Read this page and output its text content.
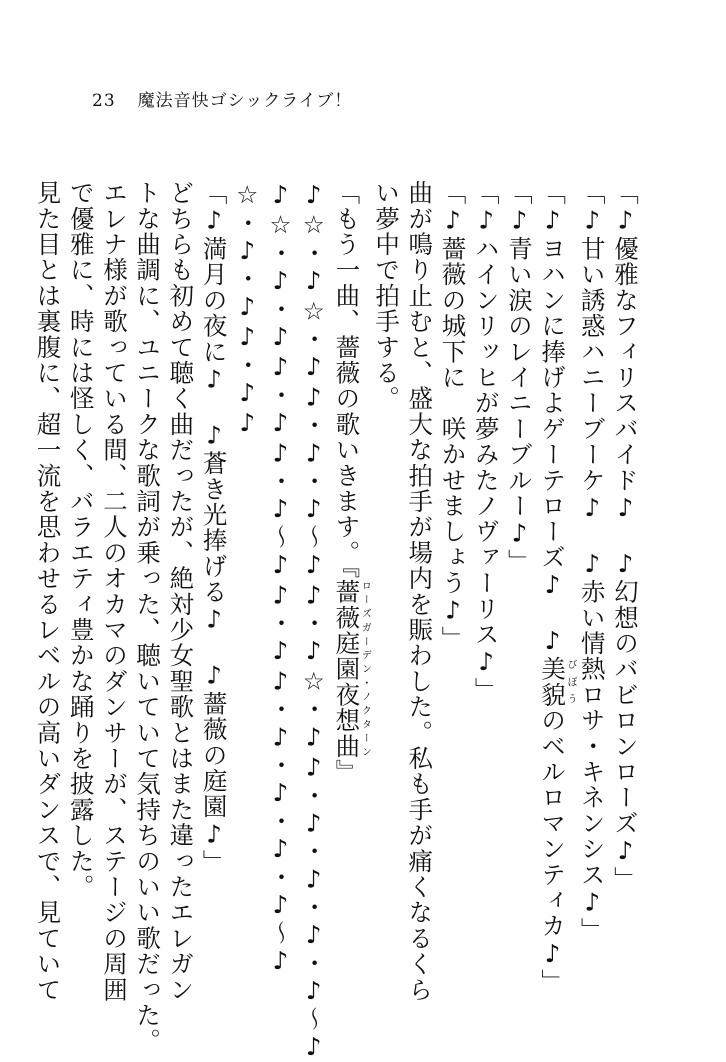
23 魔法音快ゴシックライブ！
「♪優雅なフィリスバイド♪　♪幻想のバビロンローズ♪」
「♪甘い誘惑ハニーブーケ♪　♪赤い情熱ロサ・キネンシス♪」
「♪ヨハンに捧げよゲーテローズ♪　♪美貌びぼうのベルロマンティカ♪」
「♪青い涙のレイニーブルー♪」
「♪ハインリッヒが夢みたノヴァーリス♪」
「♪薔薇の城下に　咲かせましょう♪」
曲が鳴り止むと、盛大な拍手が場内を賑わした。私も手が痛くなるくら
い夢中で拍手する。
「もう一曲、薔薇の歌いきます。『薔薇庭園夜想曲ローズガーデン・ノクターン』
♪☆・♪☆・♪♪・♪・♪〜♪♪・♪☆・♪♪・♪・♪・♪・♪〜♪
♪☆・♪・♪♪・♪♪・♪〜♪♪・♪♪・♪・♪・♪・♪〜♪
☆・♪・♪♪・♪♪
「♪満月の夜に♪　♪蒼き光捧げる♪　♪薔薇の庭園♪」
どちらも初めて聴く曲だったが、絶対少女聖歌とはまた違ったエレガン
トな曲調に、ユニークな歌詞が乗った、聴いていて気持ちのいい歌だった。
エレナ様が歌っている間、二人のオカマのダンサーが、ステージの周囲
で優雅に、時には怪しく、バラエティ豊かな踊りを披露した。
見た目とは裏腹に、超一流を思わせるレベルの高いダンスで、見ていて
